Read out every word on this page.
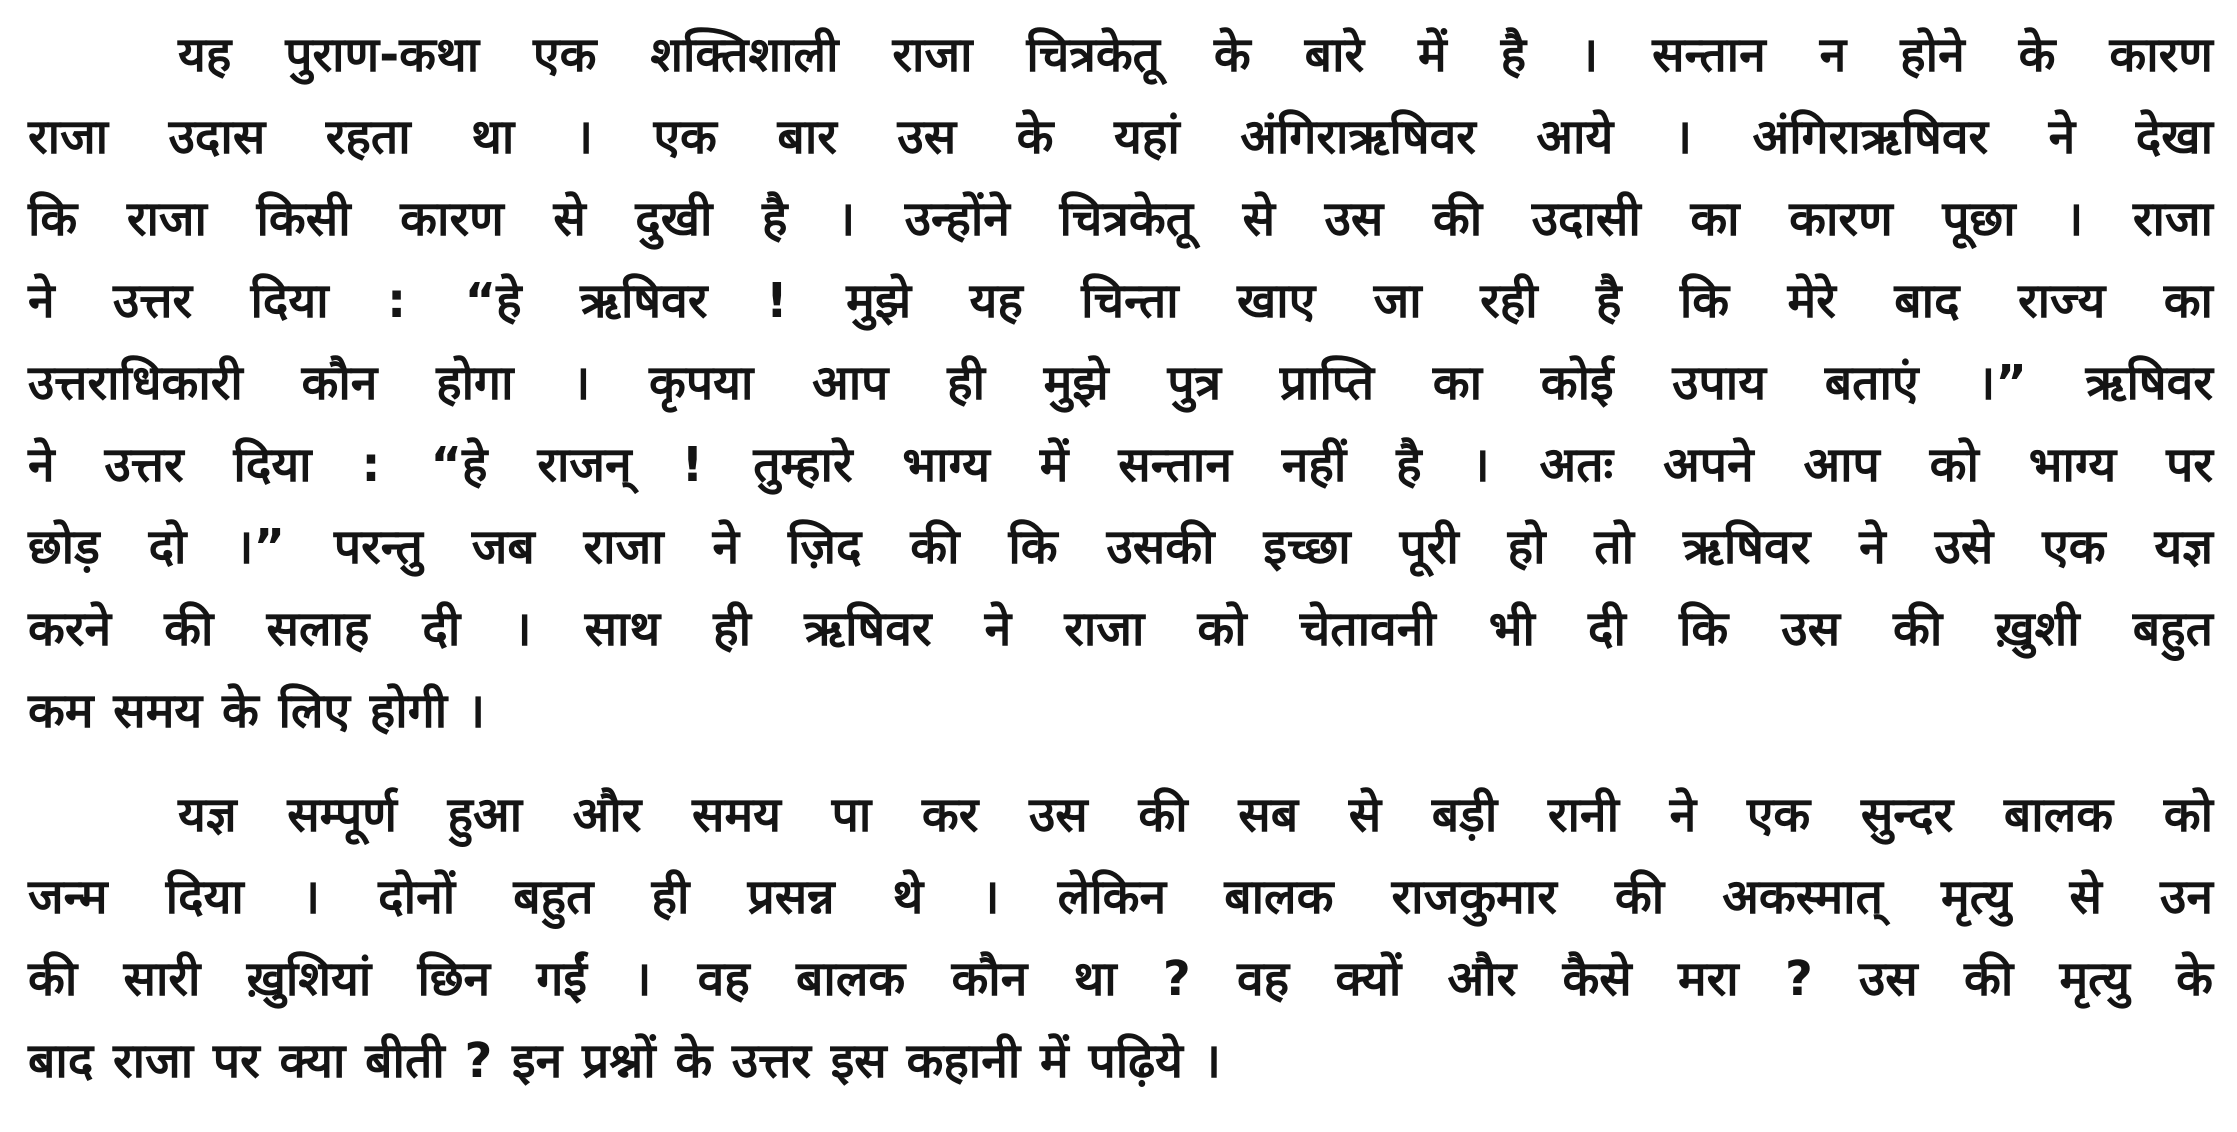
यह पुराण-कथा एक शक्तिशाली राजा चित्रकेतू के बारे में है । सन्तान न होने के कारण
राजा उदास रहता था । एक बार उस के यहां अंगिराऋषिवर आये । अंगिराऋषिवर ने देखा
कि राजा किसी कारण से दुखी है । उन्होंने चित्रकेतू से उस की उदासी का कारण पूछा । राजा
ने उत्तर दिया : “हे ऋषिवर ! मुझे यह चिन्ता खाए जा रही है कि मेरे बाद राज्य का
उत्तराधिकारी कौन होगा । कृपया आप ही मुझे पुत्र प्राप्ति का कोई उपाय बताएं ।” ऋषिवर
ने उत्तर दिया : “हे राजन् ! तुम्हारे भाग्य में सन्तान नहीं है । अतः अपने आप को भाग्य पर
छोड़ दो ।” परन्तु जब राजा ने ज़िद की कि उसकी इच्छा पूरी हो तो ऋषिवर ने उसे एक यज्ञ
करने की सलाह दी । साथ ही ऋषिवर ने राजा को चेतावनी भी दी कि उस की ख़ुशी बहुत
कम समय के लिए होगी ।

यज्ञ सम्पूर्ण हुआ और समय पा कर उस की सब से बड़ी रानी ने एक सुन्दर बालक को
जन्म दिया । दोनों बहुत ही प्रसन्न थे । लेकिन बालक राजकुमार की अकस्मात् मृत्यु से उन
की सारी ख़ुशियां छिन गईं । वह बालक कौन था ? वह क्यों और कैसे मरा ? उस की मृत्यु के
बाद राजा पर क्या बीती ? इन प्रश्नों के उत्तर इस कहानी में पढ़िये ।
